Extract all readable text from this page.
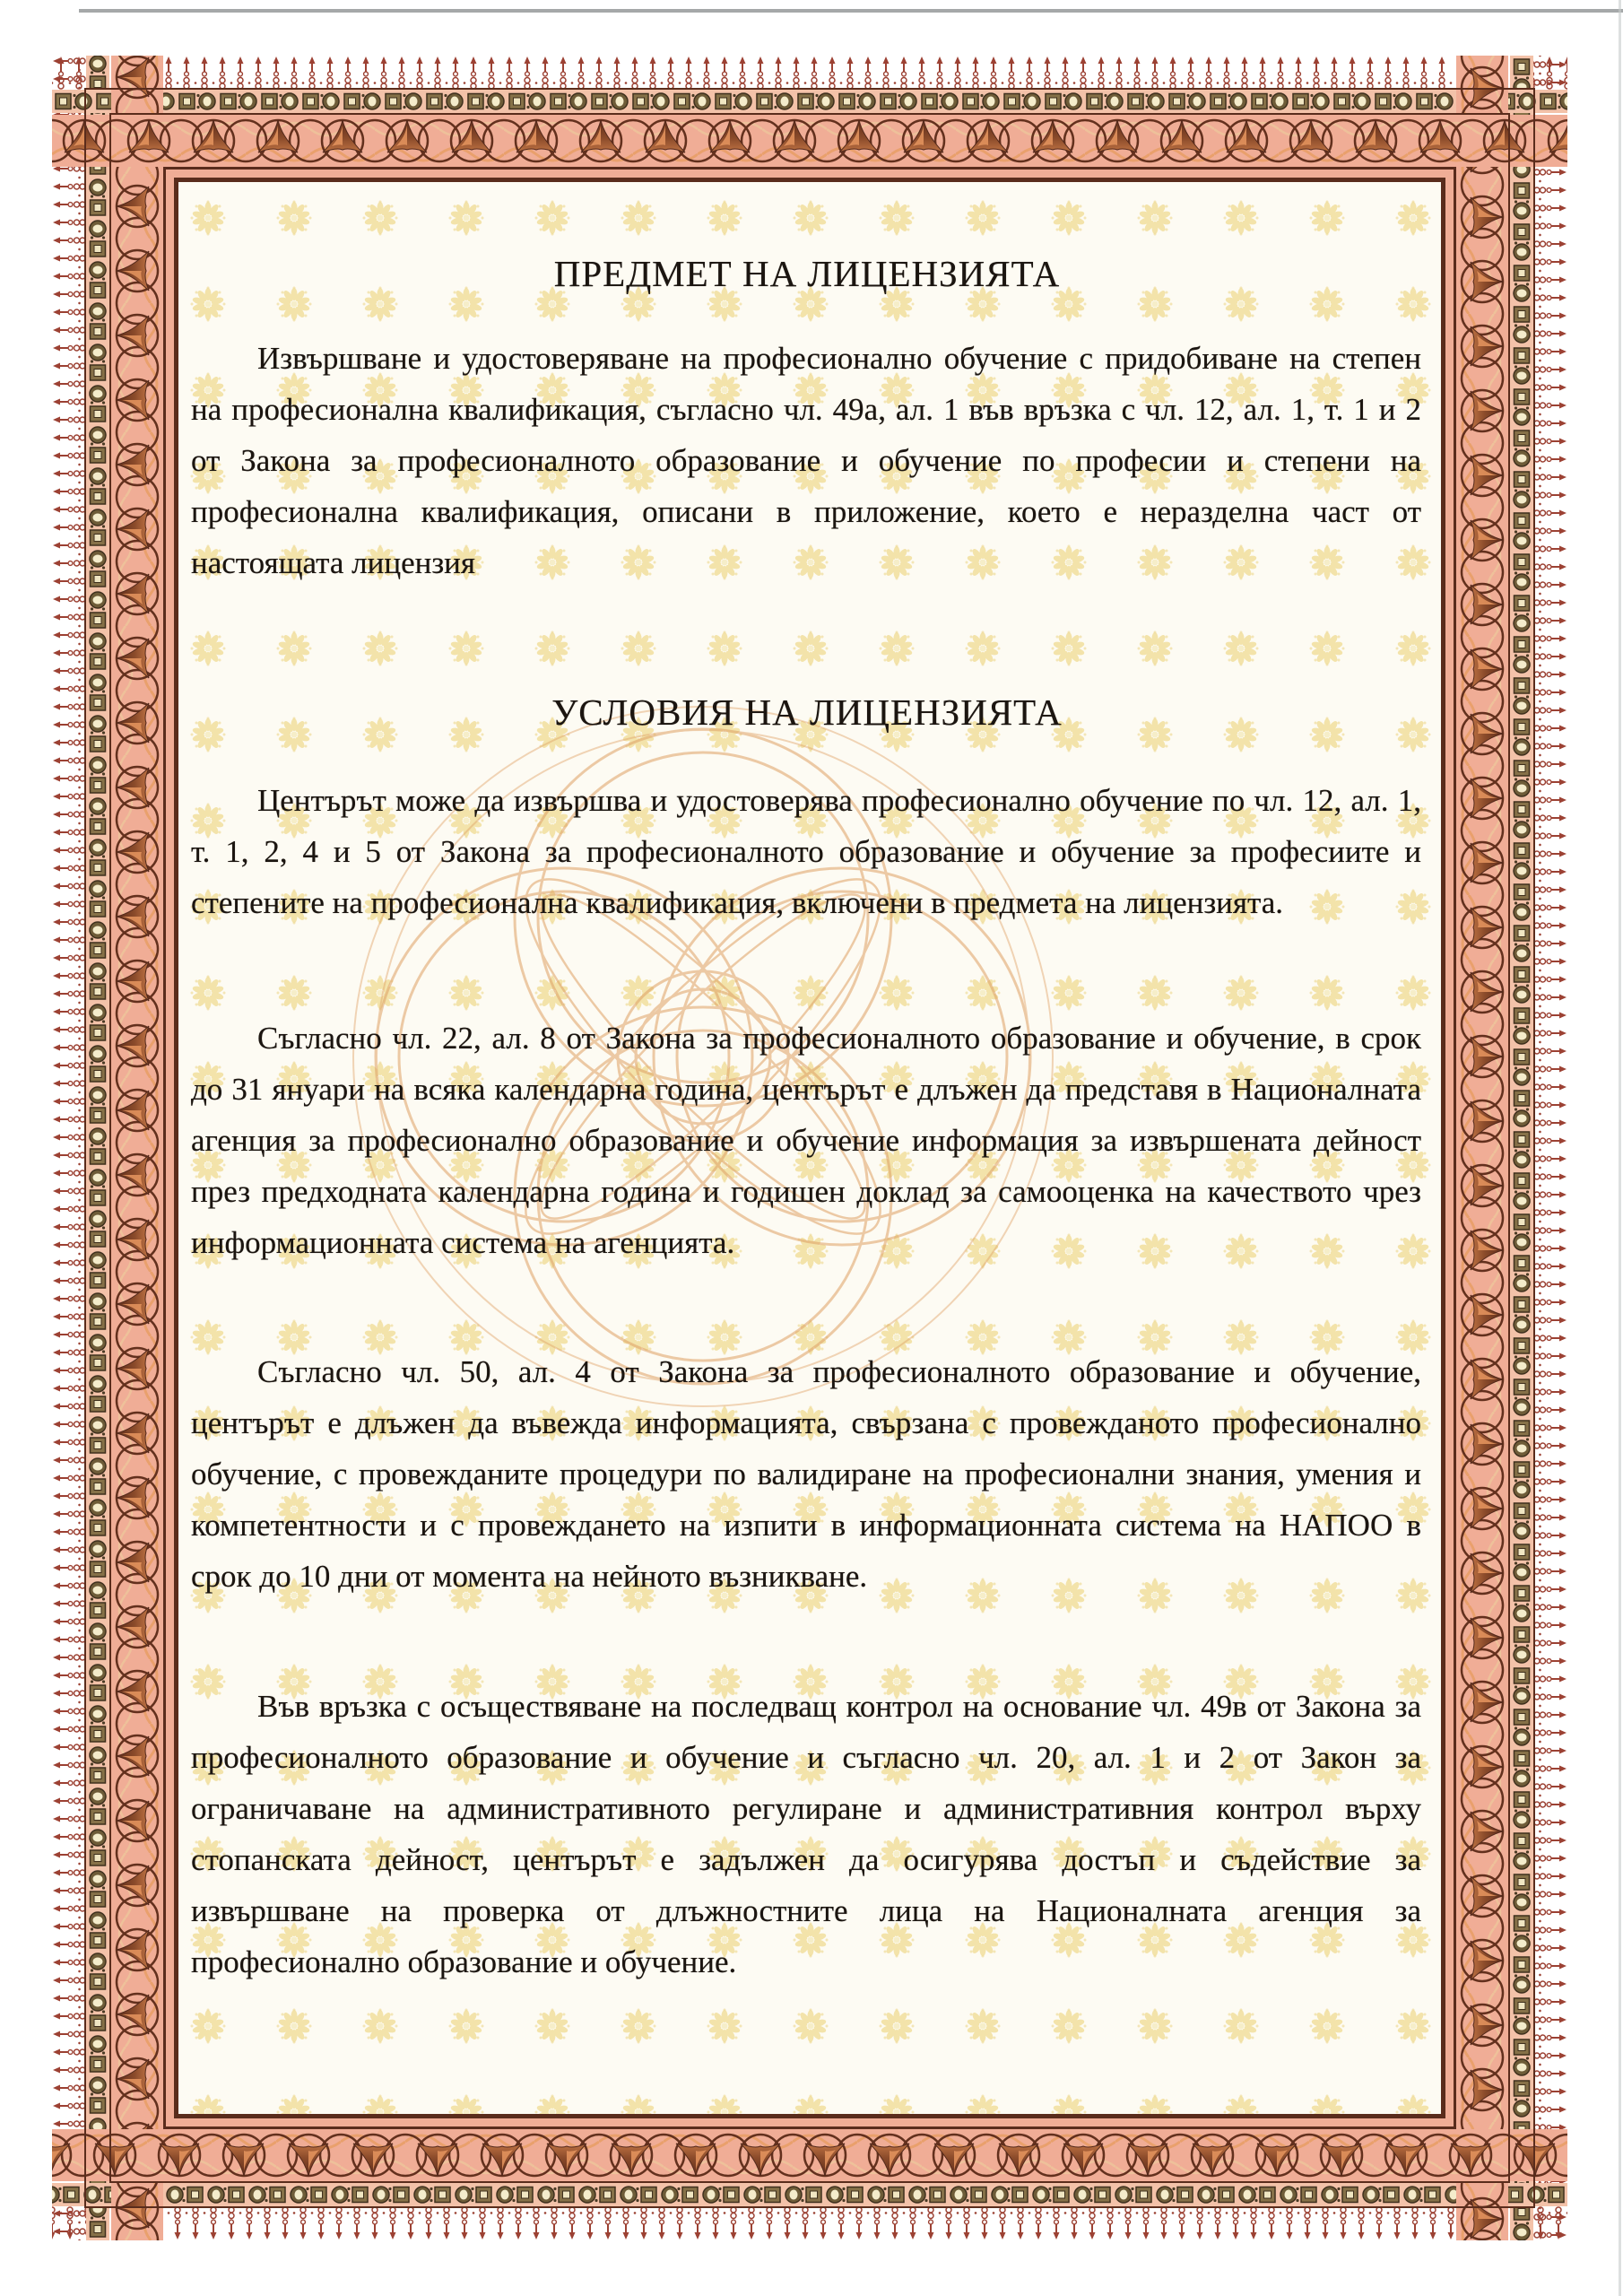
ПРЕДМЕТ НА ЛИЦЕНЗИЯТА

Извършване и удостоверяване на професионално обучение с придобиване на степен на професионална квалификация, съгласно чл. 49а, ал. 1 във връзка с чл. 12, ал. 1, т. 1 и 2 от Закона за професионалното образование и обучение по професии и степени на професионална квалификация, описани в приложение, което е неразделна част от настоящата лицензия

УСЛОВИЯ НА ЛИЦЕНЗИЯТА

Центърът може да извършва и удостоверява професионално обучение по чл. 12, ал. 1, т. 1, 2, 4 и 5 от Закона за професионалното образование и обучение за професиите и степените на професионална квалификация, включени в предмета на лицензията.

Съгласно чл. 22, ал. 8 от Закона за професионалното образование и обучение, в срок до 31 януари на всяка календарна година, центърът е длъжен да представя в Националната агенция за професионално образование и обучение информация за извършената дейност през предходната календарна година и годишен доклад за самооценка на качеството чрез информационната система на агенцията.

Съгласно чл. 50, ал. 4 от Закона за професионалното образование и обучение, центърът е длъжен да въвежда информацията, свързана с провежданото професионално обучение, с провежданите процедури по валидиране на професионални знания, умения и компетентности и с провеждането на изпити в информационната система на НАПОО в срок до 10 дни от момента на нейното възникване.

Във връзка с осъществяване на последващ контрол на основание чл. 49в от Закона за професионалното образование и обучение и съгласно чл. 20, ал. 1 и 2 от Закон за ограничаване на административното регулиране и административния контрол върху стопанската дейност, центърът е задължен да осигурява достъп и съдействие за извършване на проверка от длъжностните лица на Националната агенция за професионално образование и обучение.
